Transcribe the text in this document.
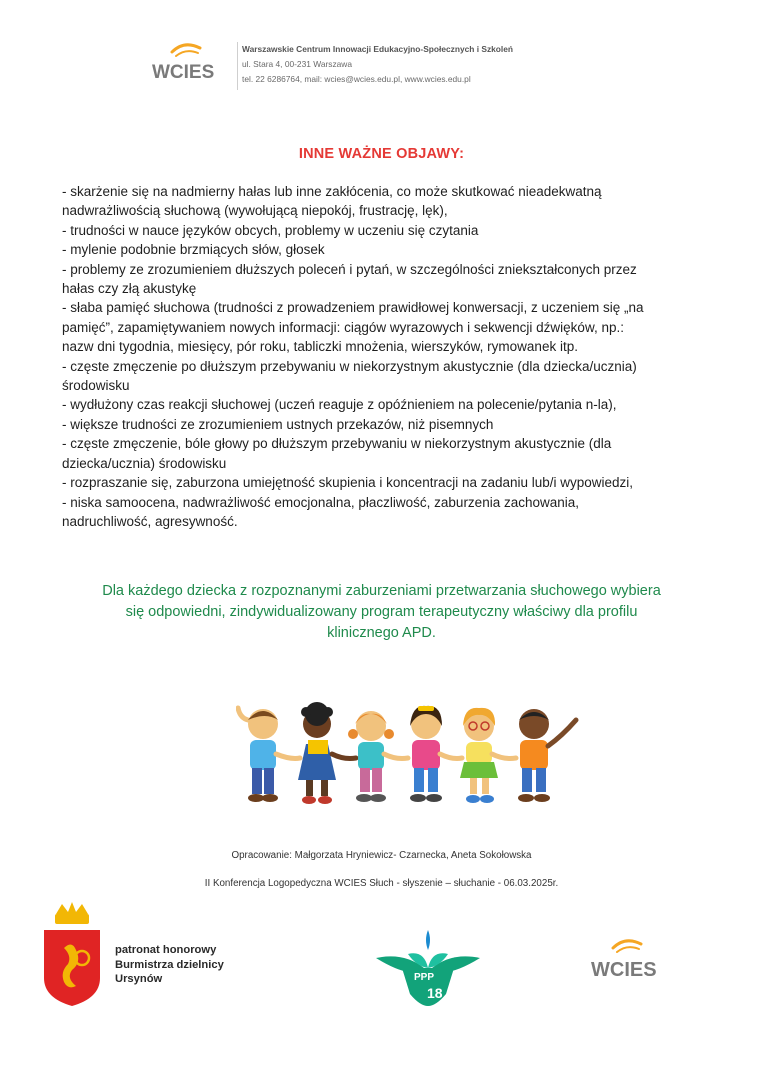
WCIES
Warszawskie Centrum Innowacji Edukacyjno-Społecznych i Szkoleń
ul. Stara 4, 00-231 Warszawa
tel. 22 6286764, mail: wcies@wcies.edu.pl, www.wcies.edu.pl
INNE WAŻNE OBJAWY:
- skarżenie się na nadmierny hałas lub inne zakłócenia, co może skutkować nieadekwatną
nadwrażliwością słuchową (wywołującą niepokój, frustrację, lęk),
- trudności w nauce języków obcych, problemy w uczeniu się czytania
- mylenie podobnie brzmiących słów, głosek
- problemy ze zrozumieniem dłuższych poleceń i pytań, w szczególności zniekształconych przez
hałas czy złą akustykę
- słaba pamięć słuchowa (trudności z prowadzeniem prawidłowej konwersacji, z uczeniem się „na
pamięć”, zapamiętywaniem nowych informacji: ciągów wyrazowych i sekwencji dźwięków, np.:
nazw dni tygodnia, miesięcy, pór roku, tabliczki mnożenia, wierszyków, rymowanek itp.
- częste zmęczenie po dłuższym przebywaniu w niekorzystnym akustycznie (dla dziecka/ucznia)
środowisku
- wydłużony czas reakcji słuchowej (uczeń reaguje z opóźnieniem na polecenie/pytania n-la),
- większe trudności ze zrozumieniem ustnych przekazów, niż pisemnych
- częste zmęczenie, bóle głowy po dłuższym przebywaniu w niekorzystnym akustycznie (dla
dziecka/ucznia) środowisku
- rozpraszanie się, zaburzona umiejętność skupienia i koncentracji na zadaniu lub/i wypowiedzi,
- niska samoocena, nadwrażliwość emocjonalna, płaczliwość, zaburzenia zachowania,
nadruchliwość, agresywność.
Dla każdego dziecka z rozpoznanymi zaburzeniami przetwarzania słuchowego wybiera
się odpowiedni, zindywidualizowany program terapeutyczny właściwy dla profilu
klinicznego APD.
Opracowanie: Małgorzata Hryniewicz- Czarnecka, Aneta Sokołowska
II Konferencja Logopedyczna WCIES Słuch - słyszenie – słuchanie - 06.03.2025r.
patronat honorowy
Burmistrza dzielnicy
Ursynów	PPP
18
WCIES
